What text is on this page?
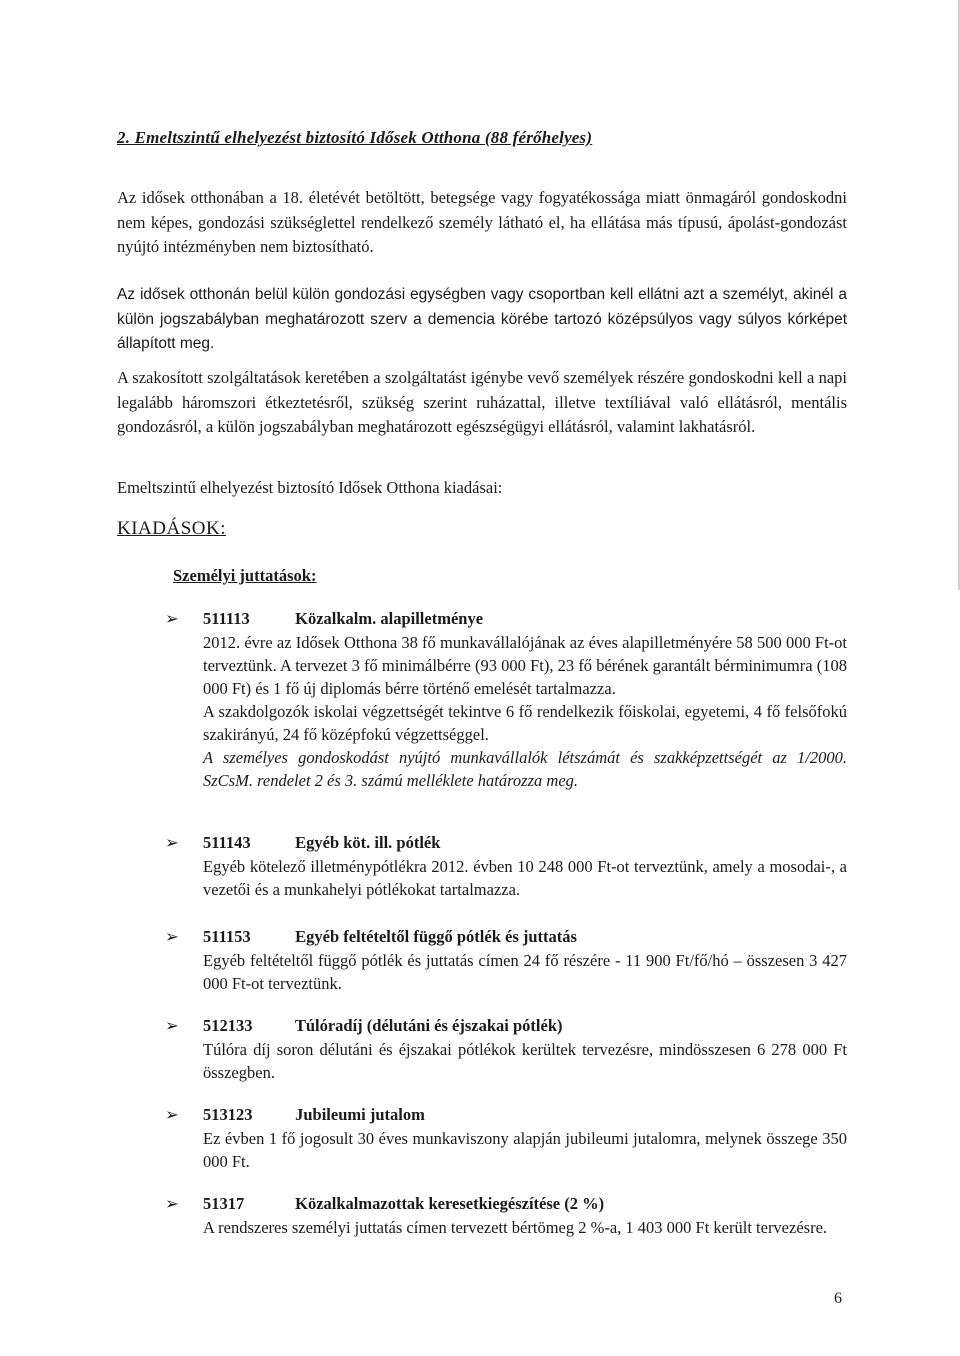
2. Emeltszintű elhelyezést biztosító Idősek Otthona (88 férőhelyes)
Az idősek otthonában a 18. életévét betöltött, betegsége vagy fogyatékossága miatt önmagáról gondoskodni nem képes, gondozási szükséglettel rendelkező személy látható el, ha ellátása más típusú, ápolást-gondozást nyújtó intézményben nem biztosítható.
Az idősek otthonán belül külön gondozási egységben vagy csoportban kell ellátni azt a személyt, akinél a külön jogszabályban meghatározott szerv a demencia körébe tartozó középsúlyos vagy súlyos kórképet állapított meg.
A szakosított szolgáltatások keretében a szolgáltatást igénybe vevő személyek részére gondoskodni kell a napi legalább háromszori étkeztetésről, szükség szerint ruházattal, illetve textíliával való ellátásról, mentális gondozásról, a külön jogszabályban meghatározott egészségügyi ellátásról, valamint lakhatásról.
Emeltszintű elhelyezést biztosító Idősek Otthona kiadásai:
KIADÁSOK:
Személyi juttatások:
➢ 511113	Közalkalm. alapilletménye

2012. évre az Idősek Otthona 38 fő munkavállalójának az éves alapilletményére 58 500 000 Ft-ot terveztünk. A tervezet 3 fő minimálbérre (93 000 Ft), 23 fő bérének garantált bérminimumra (108 000 Ft) és 1 fő új diplomás bérre történő emelését tartalmazza.

A szakdolgozók iskolai végzettségét tekintve 6 fő rendelkezik főiskolai, egyetemi, 4 fő felsőfokú szakirányú, 24 fő középfokú végzettséggel.

A személyes gondoskodást nyújtó munkavállalók létszámát és szakképzettségét az 1/2000. SzCsM. rendelet 2 és 3. számú melléklete határozza meg.

➢ 511143	Egyéb köt. ill. pótlék

Egyéb kötelező illetménypótlékra 2012. évben 10 248 000 Ft-ot terveztünk, amely a mosodai-, a vezetői és a munkahelyi pótlékokat tartalmazza.

➢ 511153	Egyéb feltételtől függő pótlék és juttatás

Egyéb feltételtől függő pótlék és juttatás címen 24 fő részére - 11 900 Ft/fő/hó – összesen 3 427 000 Ft-ot terveztünk.

➢ 512133	Túlóradíj (délutáni és éjszakai pótlék)

Túlóra díj soron délutáni és éjszakai pótlékok kerültek tervezésre, mindösszesen 6 278 000 Ft összegben.

➢ 513123	Jubileumi jutalom

Ez évben 1 fő jogosult 30 éves munkaviszony alapján jubileumi jutalomra, melynek összege 350 000 Ft.

➢ 51317	Közalkalmazottak keresetkiegészítése (2 %)

A rendszeres személyi juttatás címen tervezett bértömeg 2 %-a, 1 403 000 Ft került tervezésre.

6
